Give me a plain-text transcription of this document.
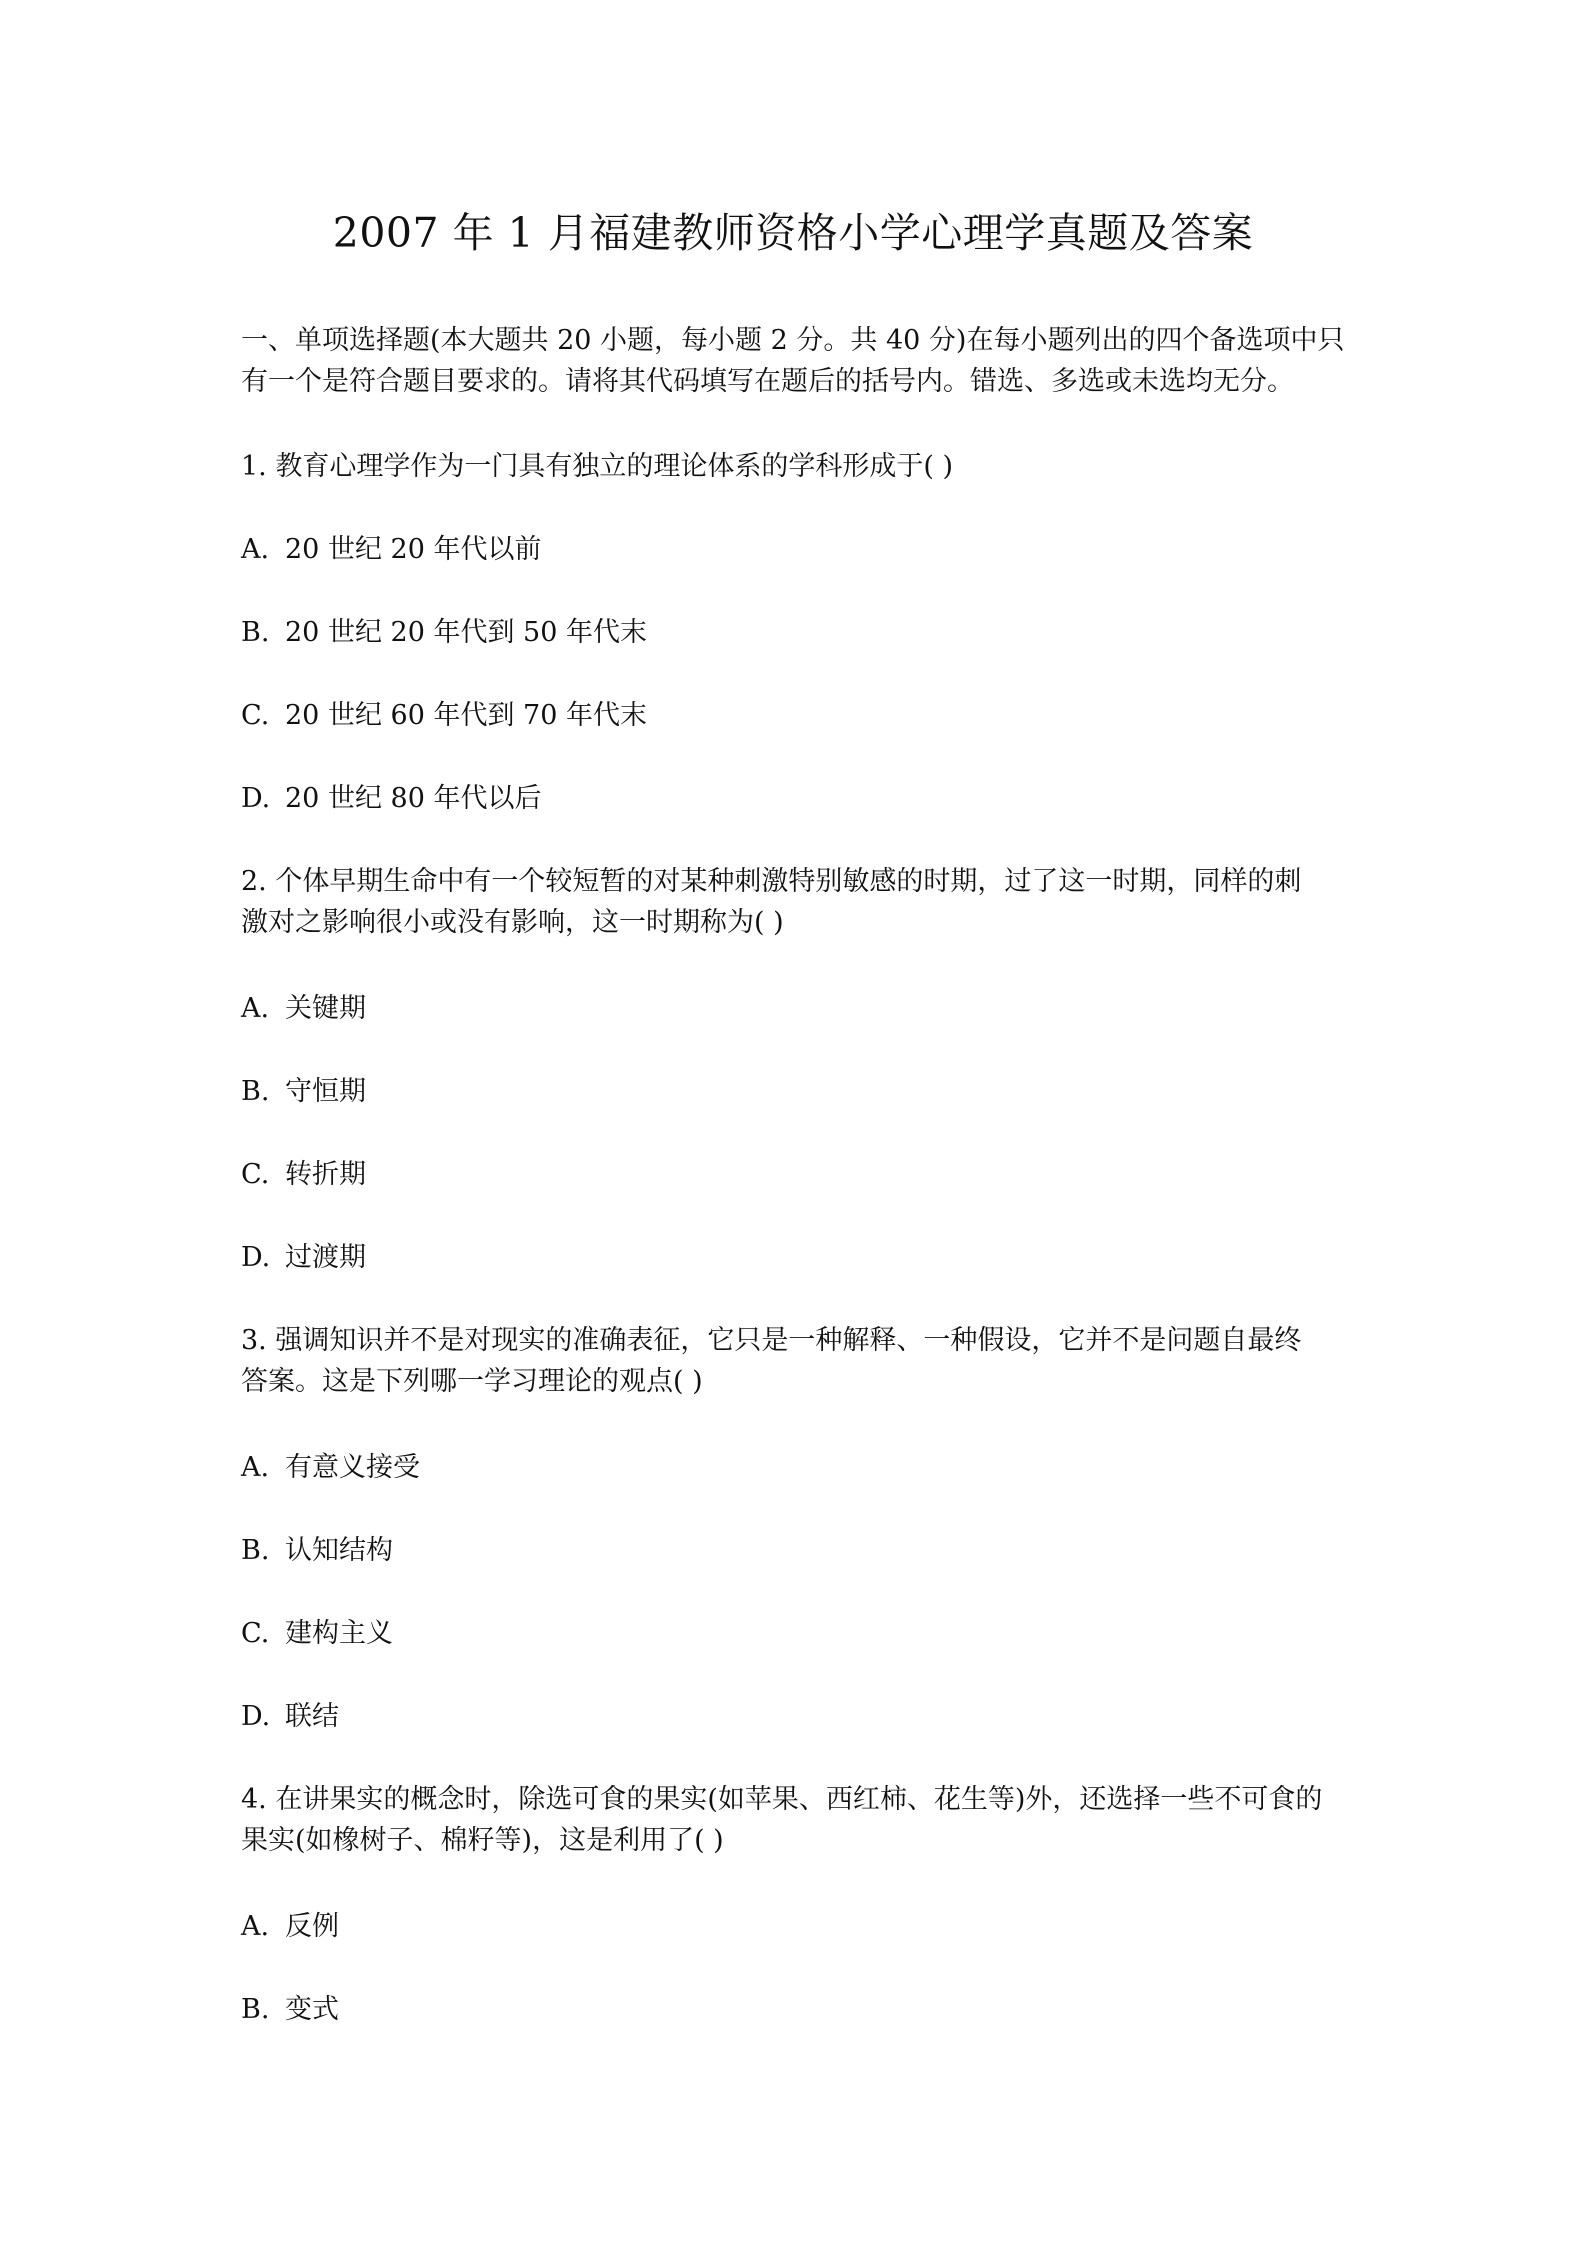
2007 年 1 月福建教师资格小学心理学真题及答案
一、单项选择题(本大题共 20 小题，每小题 2 分。共 40 分)在每小题列出的四个备选项中只
有一个是符合题目要求的。请将其代码填写在题后的括号内。错选、多选或未选均无分。
1. 教育心理学作为一门具有独立的理论体系的学科形成于( )
A. 20 世纪 20 年代以前
B. 20 世纪 20 年代到 50 年代末
C. 20 世纪 60 年代到 70 年代末
D. 20 世纪 80 年代以后
2. 个体早期生命中有一个较短暂的对某种刺激特别敏感的时期，过了这一时期，同样的刺
激对之影响很小或没有影响，这一时期称为( )
A. 关键期
B. 守恒期
C. 转折期
D. 过渡期
3. 强调知识并不是对现实的准确表征，它只是一种解释、一种假设，它并不是问题自最终
答案。这是下列哪一学习理论的观点( )
A. 有意义接受
B. 认知结构
C. 建构主义
D. 联结
4. 在讲果实的概念时，除选可食的果实(如苹果、西红柿、花生等)外，还选择一些不可食的
果实(如橡树子、棉籽等)，这是利用了( )
A. 反例
B. 变式
